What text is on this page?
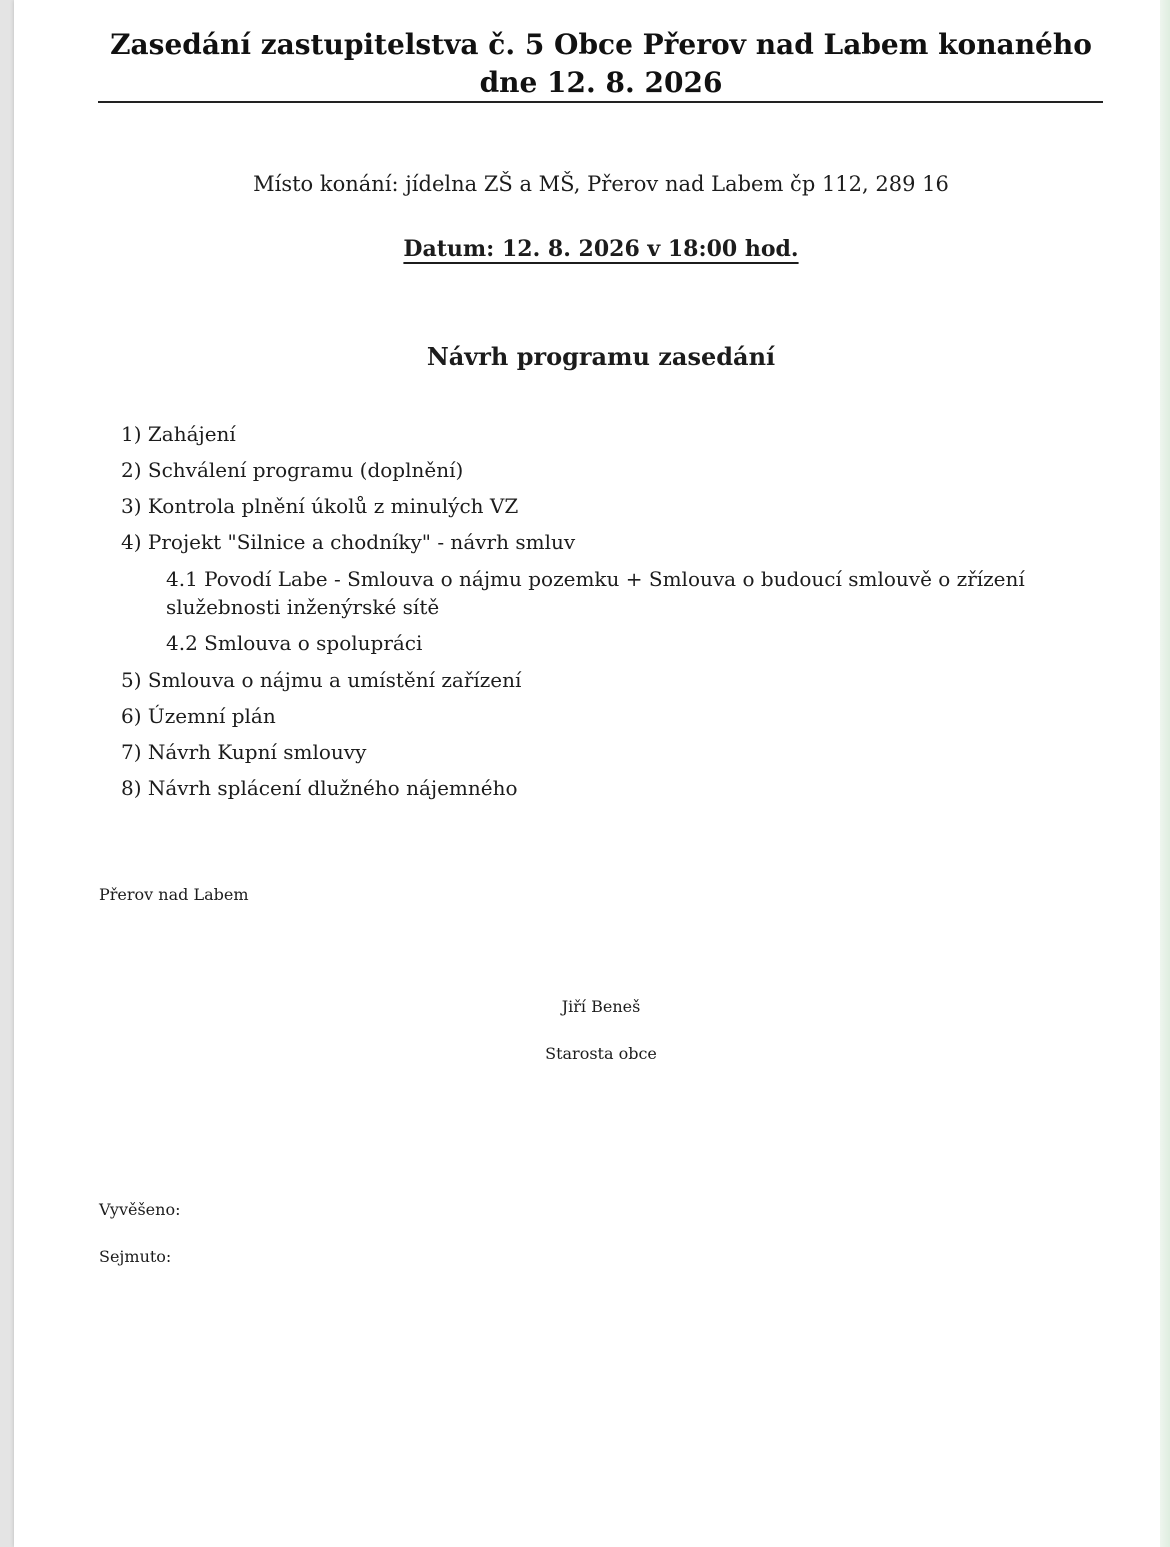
Zasedání zastupitelstva č. 5 Obce Přerov nad Labem konaného
dne 12. 8. 2026
Místo konání: jídelna ZŠ a MŠ, Přerov nad Labem čp 112, 289 16
Datum: 12. 8. 2026 v 18:00 hod.
Návrh programu zasedání
1) Zahájení
2) Schválení programu (doplnění)
3) Kontrola plnění úkolů z minulých VZ
4) Projekt "Silnice a chodníky" - návrh smluv
4.1 Povodí Labe - Smlouva o nájmu pozemku + Smlouva o budoucí smlouvě o zřízení
služebnosti inženýrské sítě
4.2 Smlouva o spolupráci
5) Smlouva o nájmu a umístění zařízení
6) Územní plán
7) Návrh Kupní smlouvy
8) Návrh splácení dlužného nájemného
Přerov nad Labem
Jiří Beneš
Starosta obce
Vyvěšeno:
Sejmuto:
